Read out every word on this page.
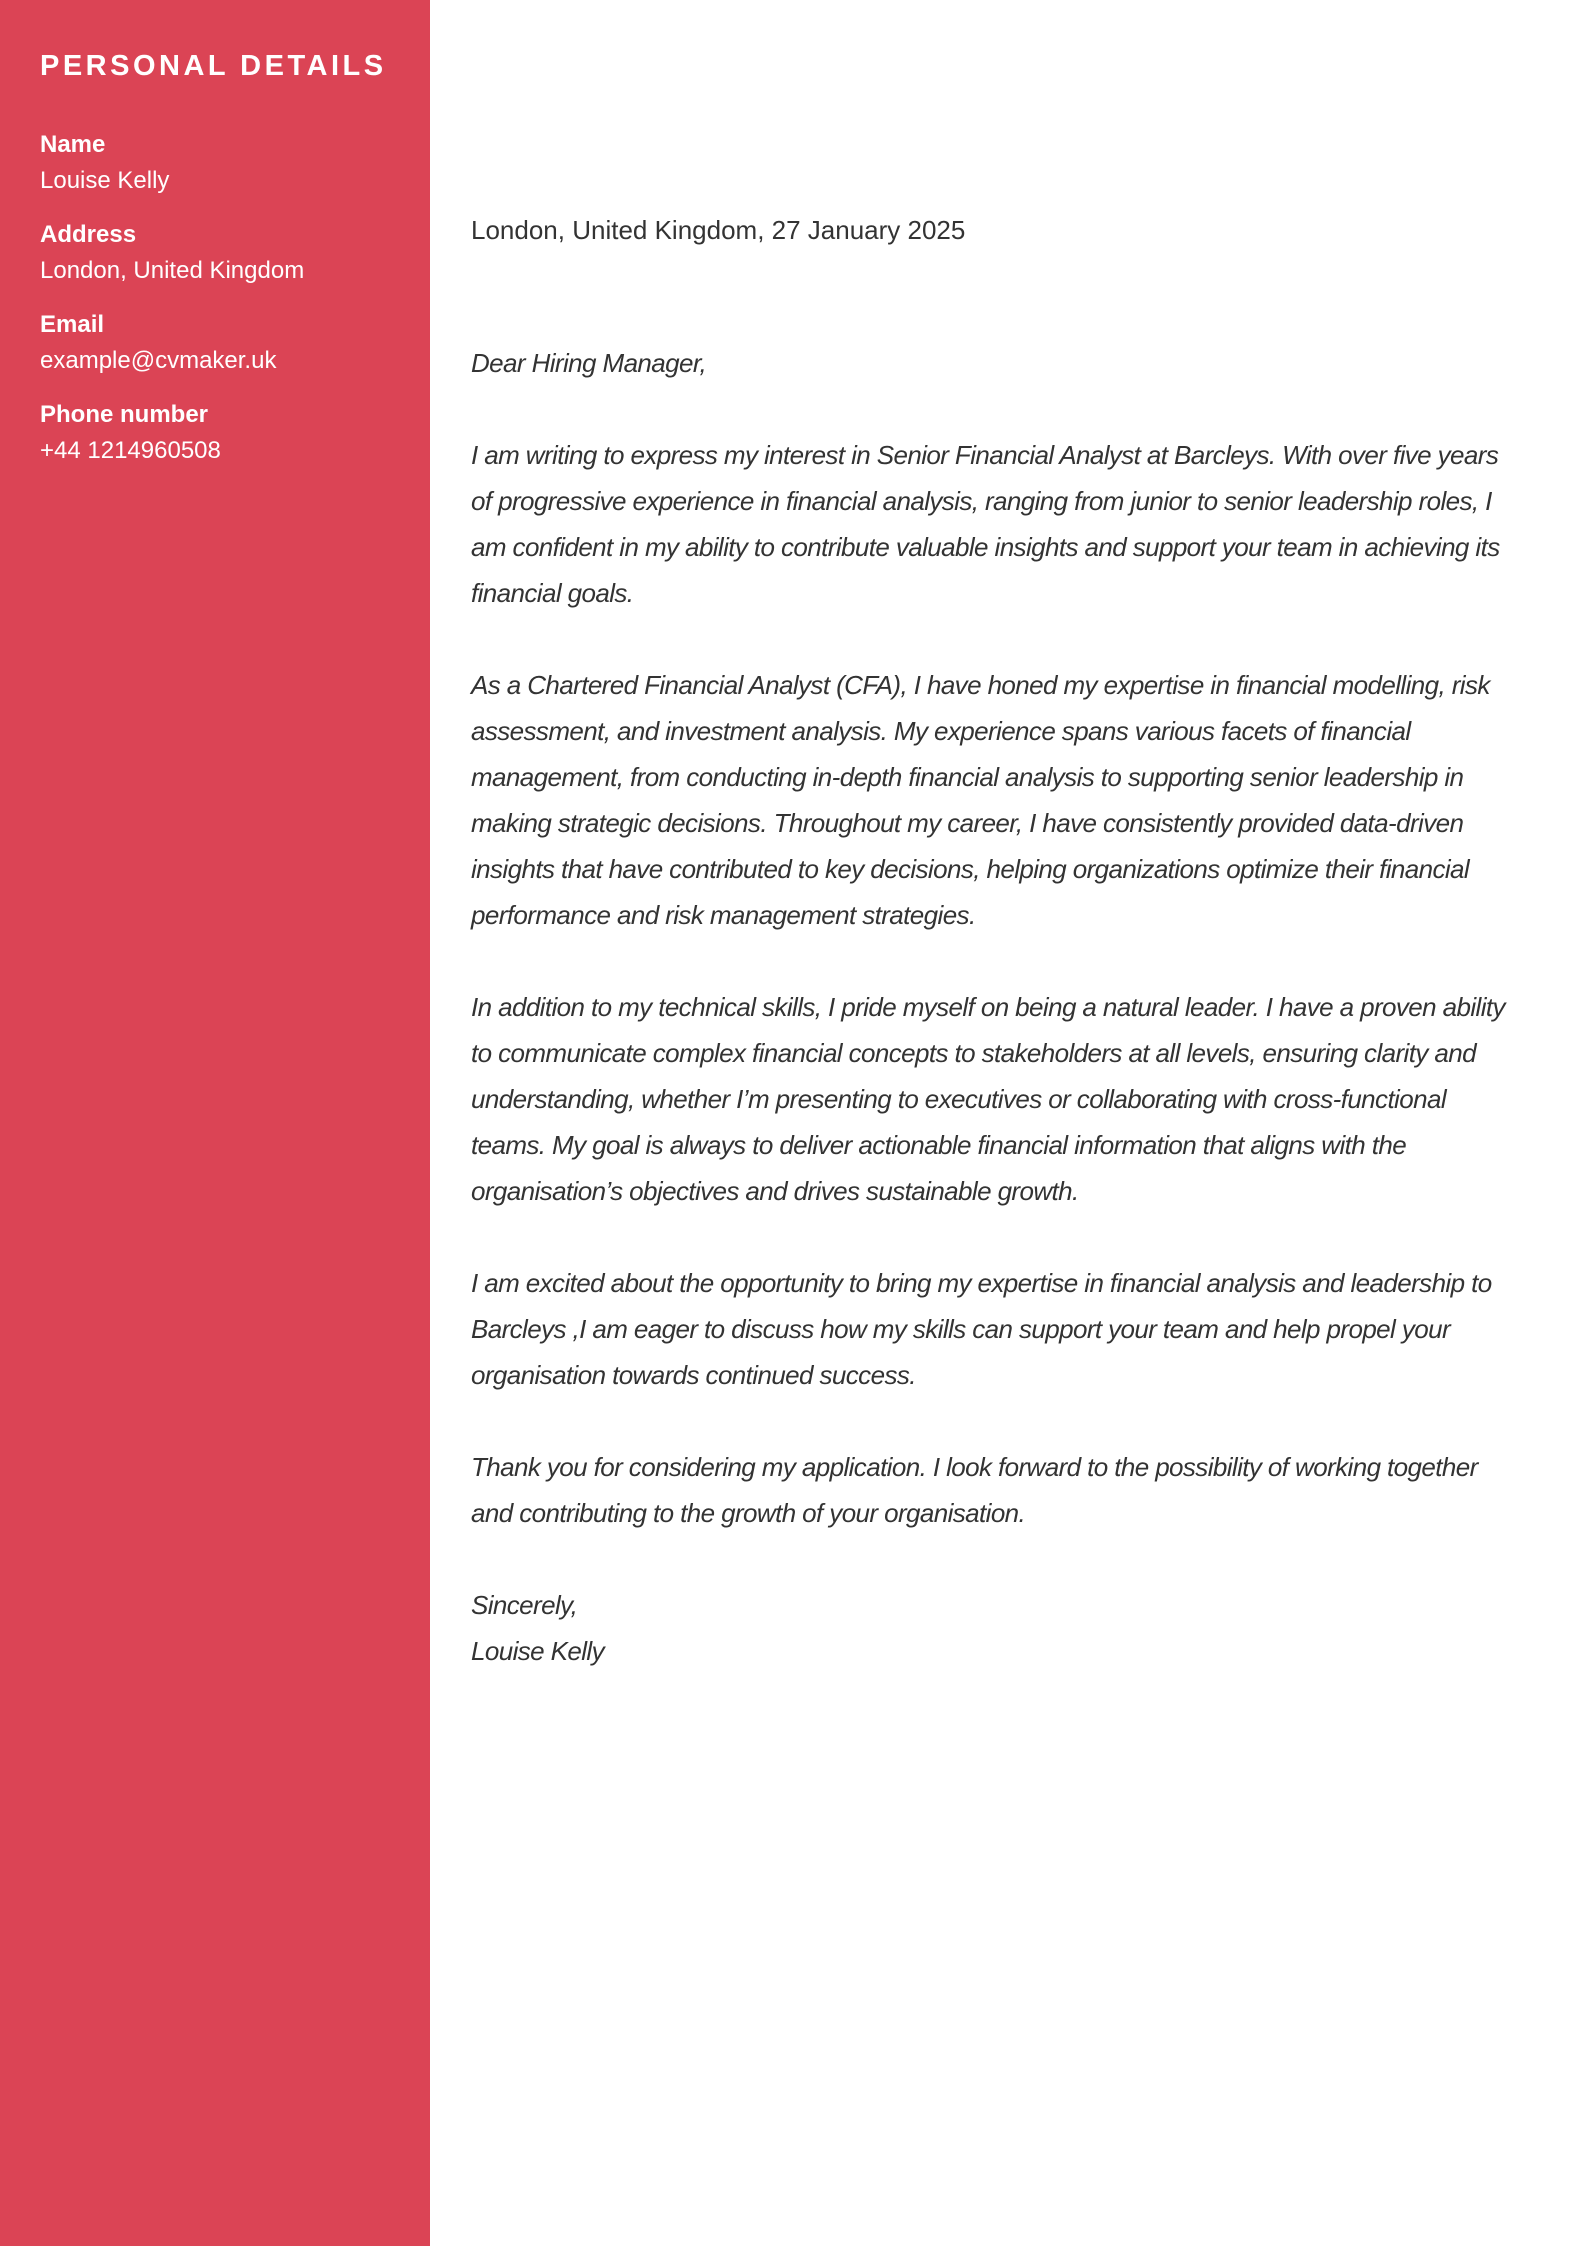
PERSONAL DETAILS
Name
Louise Kelly
Address
London, United Kingdom
Email
example@cvmaker.uk
Phone number
+44 1214960508
London, United Kingdom, 27 January 2025

Dear Hiring Manager,

I am writing to express my interest in Senior Financial Analyst at Barcleys. With over five years of progressive experience in financial analysis, ranging from junior to senior leadership roles, I am confident in my ability to contribute valuable insights and support your team in achieving its financial goals.

As a Chartered Financial Analyst (CFA), I have honed my expertise in financial modelling, risk assessment, and investment analysis. My experience spans various facets of financial management, from conducting in-depth financial analysis to supporting senior leadership in making strategic decisions. Throughout my career, I have consistently provided data-driven insights that have contributed to key decisions, helping organizations optimize their financial performance and risk management strategies.

In addition to my technical skills, I pride myself on being a natural leader. I have a proven ability to communicate complex financial concepts to stakeholders at all levels, ensuring clarity and understanding, whether I’m presenting to executives or collaborating with cross-functional teams. My goal is always to deliver actionable financial information that aligns with the organisation’s objectives and drives sustainable growth.

I am excited about the opportunity to bring my expertise in financial analysis and leadership to Barcleys ,I am eager to discuss how my skills can support your team and help propel your organisation towards continued success.

Thank you for considering my application. I look forward to the possibility of working together and contributing to the growth of your organisation.

Sincerely,
Louise Kelly
